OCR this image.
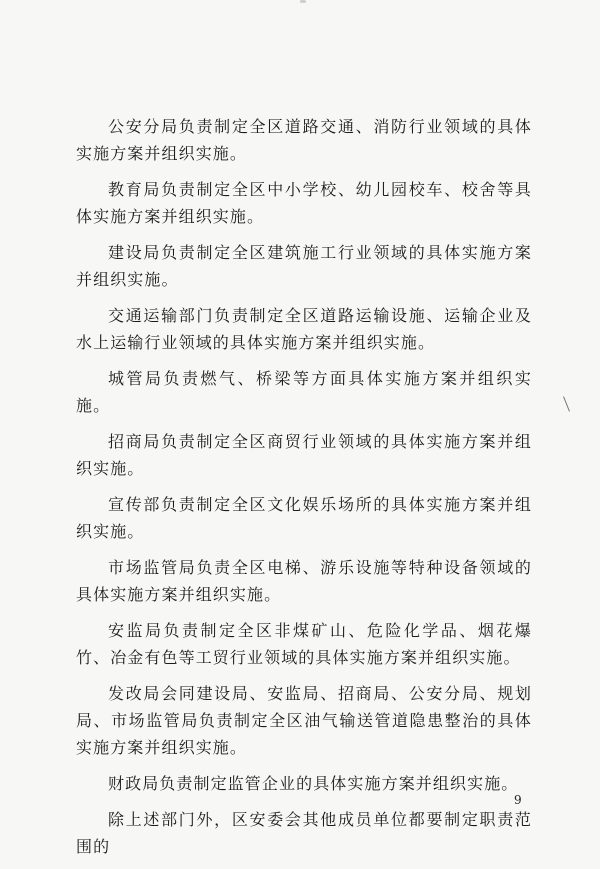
公安分局负责制定全区道路交通、消防行业领域的具体实施方案并组织实施。

教育局负责制定全区中小学校、幼儿园校车、校舍等具体实施方案并组织实施。

建设局负责制定全区建筑施工行业领域的具体实施方案并组织实施。

交通运输部门负责制定全区道路运输设施、运输企业及水上运输行业领域的具体实施方案并组织实施。

城管局负责燃气、桥梁等方面具体实施方案并组织实施。

招商局负责制定全区商贸行业领域的具体实施方案并组织实施。

宣传部负责制定全区文化娱乐场所的具体实施方案并组织实施。

市场监管局负责全区电梯、游乐设施等特种设备领域的具体实施方案并组织实施。

安监局负责制定全区非煤矿山、危险化学品、烟花爆竹、冶金有色等工贸行业领域的具体实施方案并组织实施。

发改局会同建设局、安监局、招商局、公安分局、规划局、市场监管局负责制定全区油气输送管道隐患整治的具体实施方案并组织实施。

财政局负责制定监管企业的具体实施方案并组织实施。

除上述部门外，区安委会其他成员单位都要制定职责范围的

9
